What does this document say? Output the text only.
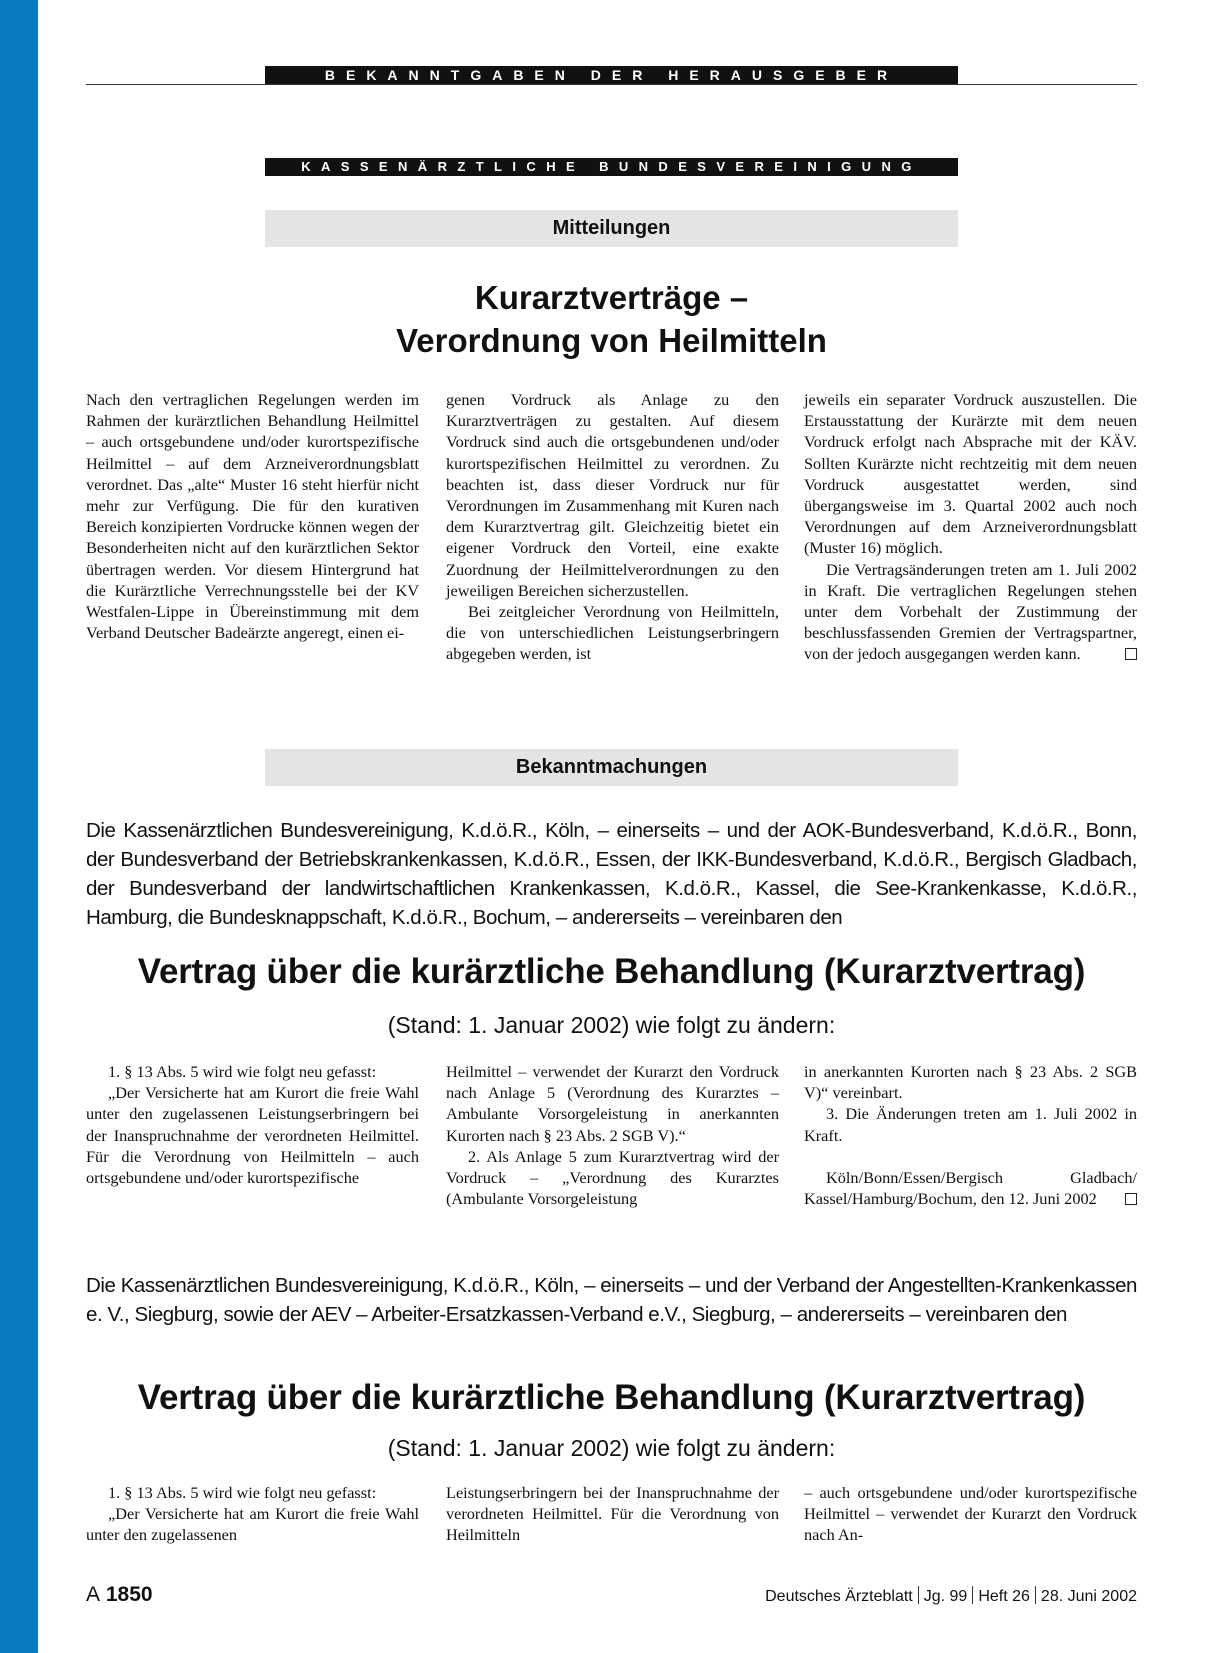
BEKANNTGABEN DER HERAUSGEBER
KASSENÄRZTLICHE BUNDESVEREINIGUNG
Mitteilungen
Kurarztverträge –
Verordnung von Heilmitteln

Nach den vertraglichen Regelungen werden im Rahmen der kurärztlichen Behandlung Heilmittel – auch ortsgebundene und/oder kurortspezifische Heilmittel – auf dem Arzneiverordnungsblatt verordnet. Das „alte“ Muster 16 steht hierfür nicht mehr zur Verfügung. Die für den kurativen Bereich konzipierten Vordrucke können wegen der Besonderheiten nicht auf den kurärztlichen Sektor übertragen werden. Vor diesem Hintergrund hat die Kurärztliche Verrechnungsstelle bei der KV Westfalen-Lippe in Übereinstimmung mit dem Verband Deutscher Badeärzte angeregt, einen ei-

genen Vordruck als Anlage zu den Kurarztverträgen zu gestalten. Auf diesem Vordruck sind auch die ortsgebundenen und/oder kurortspezifischen Heilmittel zu verordnen. Zu beachten ist, dass dieser Vordruck nur für Verordnungen im Zusammenhang mit Kuren nach dem Kurarztvertrag gilt. Gleichzeitig bietet ein eigener Vordruck den Vorteil, eine exakte Zuordnung der Heilmittelverordnungen zu den jeweiligen Bereichen sicherzustellen.

Bei zeitgleicher Verordnung von Heilmitteln, die von unterschiedlichen Leistungserbringern abgegeben werden, ist

jeweils ein separater Vordruck auszustellen. Die Erstausstattung der Kurärzte mit dem neuen Vordruck erfolgt nach Absprache mit der KÄV. Sollten Kurärzte nicht rechtzeitig mit dem neuen Vordruck ausgestattet werden, sind übergangsweise im 3. Quartal 2002 auch noch Verordnungen auf dem Arzneiverordnungsblatt (Muster 16) möglich.

Die Vertragsänderungen treten am 1. Juli 2002 in Kraft. Die vertraglichen Regelungen stehen unter dem Vorbehalt der Zustimmung der beschlussfassenden Gremien der Vertragspartner, von der jedoch ausgegangen werden kann.

Bekanntmachungen
Die Kassenärztlichen Bundesvereinigung, K.d.ö.R., Köln, – einerseits – und der AOK-Bundesverband, K.d.ö.R., Bonn, der Bundesverband der Betriebskrankenkassen, K.d.ö.R., Essen, der IKK-Bundesverband, K.d.ö.R., Bergisch Gladbach, der Bundesverband der landwirtschaftlichen Krankenkassen, K.d.ö.R., Kassel, die See-Krankenkasse, K.d.ö.R., Hamburg, die Bundesknappschaft, K.d.ö.R., Bochum, – andererseits – vereinbaren den
Vertrag über die kurärztliche Behandlung (Kurarztvertrag)
(Stand: 1. Januar 2002) wie folgt zu ändern:

1. § 13 Abs. 5 wird wie folgt neu gefasst:

„Der Versicherte hat am Kurort die freie Wahl unter den zugelassenen Leistungserbringern bei der Inanspruchnahme der verordneten Heilmittel. Für die Verordnung von Heilmitteln – auch ortsgebundene und/oder kurortspezifische

Heilmittel – verwendet der Kurarzt den Vordruck nach Anlage 5 (Verordnung des Kurarztes – Ambulante Vorsorgeleistung in anerkannten Kurorten nach § 23 Abs. 2 SGB V).“

2. Als Anlage 5 zum Kurarztvertrag wird der Vordruck – „Verordnung des Kurarztes (Ambulante Vorsorgeleistung

in anerkannten Kurorten nach § 23 Abs. 2 SGB V)“ vereinbart.

3. Die Änderungen treten am 1. Juli 2002 in Kraft.

Köln/Bonn/Essen/Bergisch Gladbach/ Kassel/Hamburg/Bochum, den 12. Juni 2002

Die Kassenärztlichen Bundesvereinigung, K.d.ö.R., Köln, – einerseits – und der Verband der Angestellten-Krankenkassen e. V., Siegburg, sowie der AEV – Arbeiter-Ersatzkassen-Verband e.V., Siegburg, – andererseits – vereinbaren den
Vertrag über die kurärztliche Behandlung (Kurarztvertrag)
(Stand: 1. Januar 2002) wie folgt zu ändern:

1. § 13 Abs. 5 wird wie folgt neu gefasst:

„Der Versicherte hat am Kurort die freie Wahl unter den zugelassenen

Leistungserbringern bei der Inanspruchnahme der verordneten Heilmittel. Für die Verordnung von Heilmitteln

– auch ortsgebundene und/oder kurortspezifische Heilmittel – verwendet der Kurarzt den Vordruck nach An-

A 1850	Deutsches Ärzteblatt Jg. 99 Heft 26 28. Juni 2002
